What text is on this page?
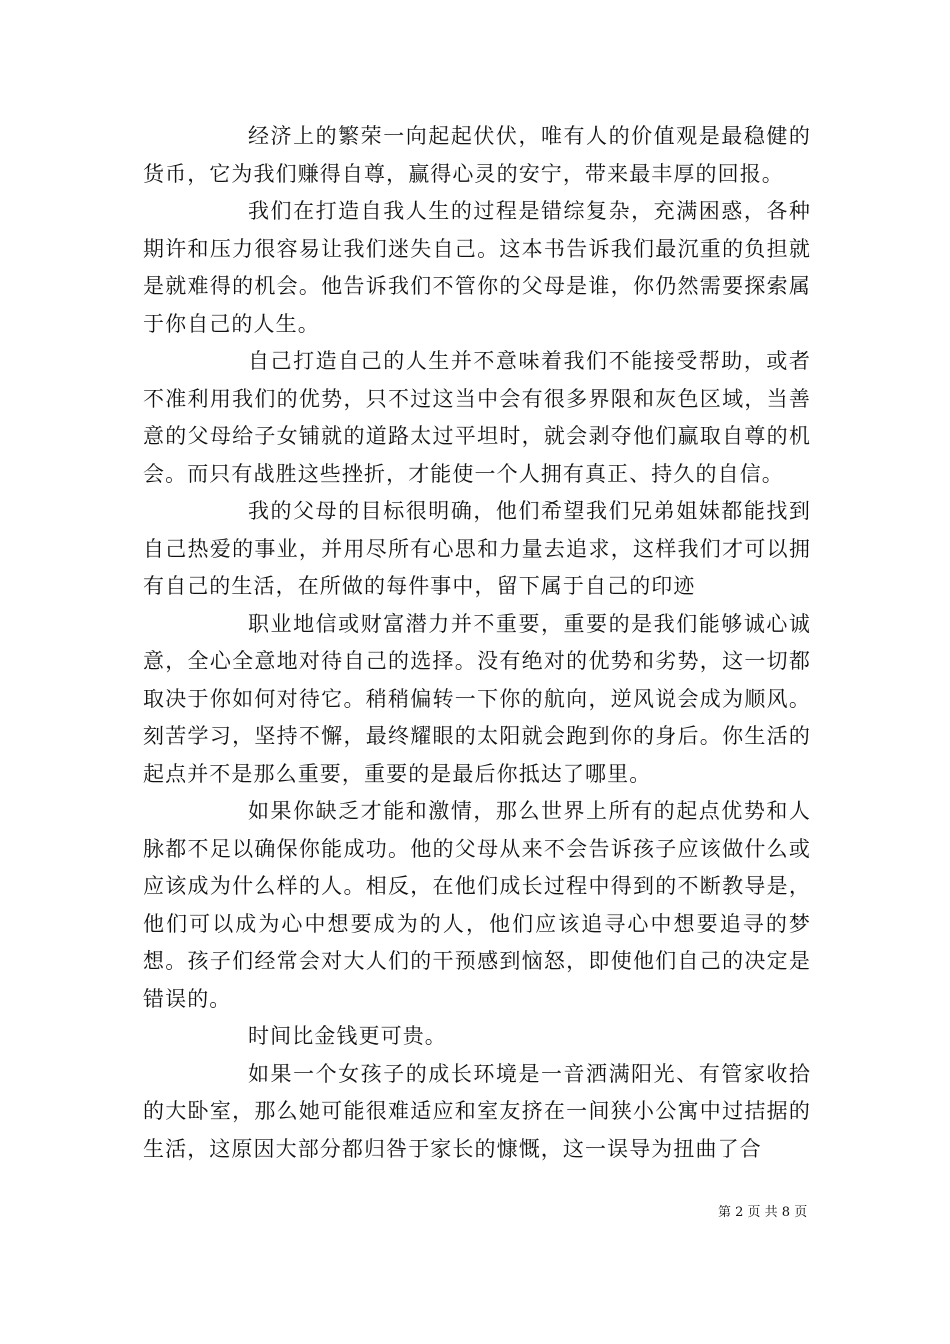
经济上的繁荣一向起起伏伏，唯有人的价值观是最稳健的货币，它为我们赚得自尊，赢得心灵的安宁，带来最丰厚的回报。

我们在打造自我人生的过程是错综复杂，充满困惑，各种期许和压力很容易让我们迷失自己。这本书告诉我们最沉重的负担就是就难得的机会。他告诉我们不管你的父母是谁，你仍然需要探索属于你自己的人生。

自己打造自己的人生并不意味着我们不能接受帮助，或者不准利用我们的优势，只不过这当中会有很多界限和灰色区域，当善意的父母给子女铺就的道路太过平坦时，就会剥夺他们赢取自尊的机会。而只有战胜这些挫折，才能使一个人拥有真正、持久的自信。

我的父母的目标很明确，他们希望我们兄弟姐妹都能找到自己热爱的事业，并用尽所有心思和力量去追求，这样我们才可以拥有自己的生活，在所做的每件事中，留下属于自己的印迹

职业地信或财富潜力并不重要，重要的是我们能够诚心诚意，全心全意地对待自己的选择。没有绝对的优势和劣势，这一切都取决于你如何对待它。稍稍偏转一下你的航向，逆风说会成为顺风。刻苦学习，坚持不懈，最终耀眼的太阳就会跑到你的身后。你生活的起点并不是那么重要，重要的是最后你抵达了哪里。

如果你缺乏才能和激情，那么世界上所有的起点优势和人脉都不足以确保你能成功。他的父母从来不会告诉孩子应该做什么或应该成为什么样的人。相反，在他们成长过程中得到的不断教导是，他们可以成为心中想要成为的人，他们应该追寻心中想要追寻的梦想。孩子们经常会对大人们的干预感到恼怒，即使他们自己的决定是错误的。

时间比金钱更可贵。

如果一个女孩子的成长环境是一音洒满阳光、有管家收拾的大卧室，那么她可能很难适应和室友挤在一间狭小公寓中过拮据的生活，这原因大部分都归咎于家长的慷慨，这一误导为扭曲了合

第 2 页 共 8 页
